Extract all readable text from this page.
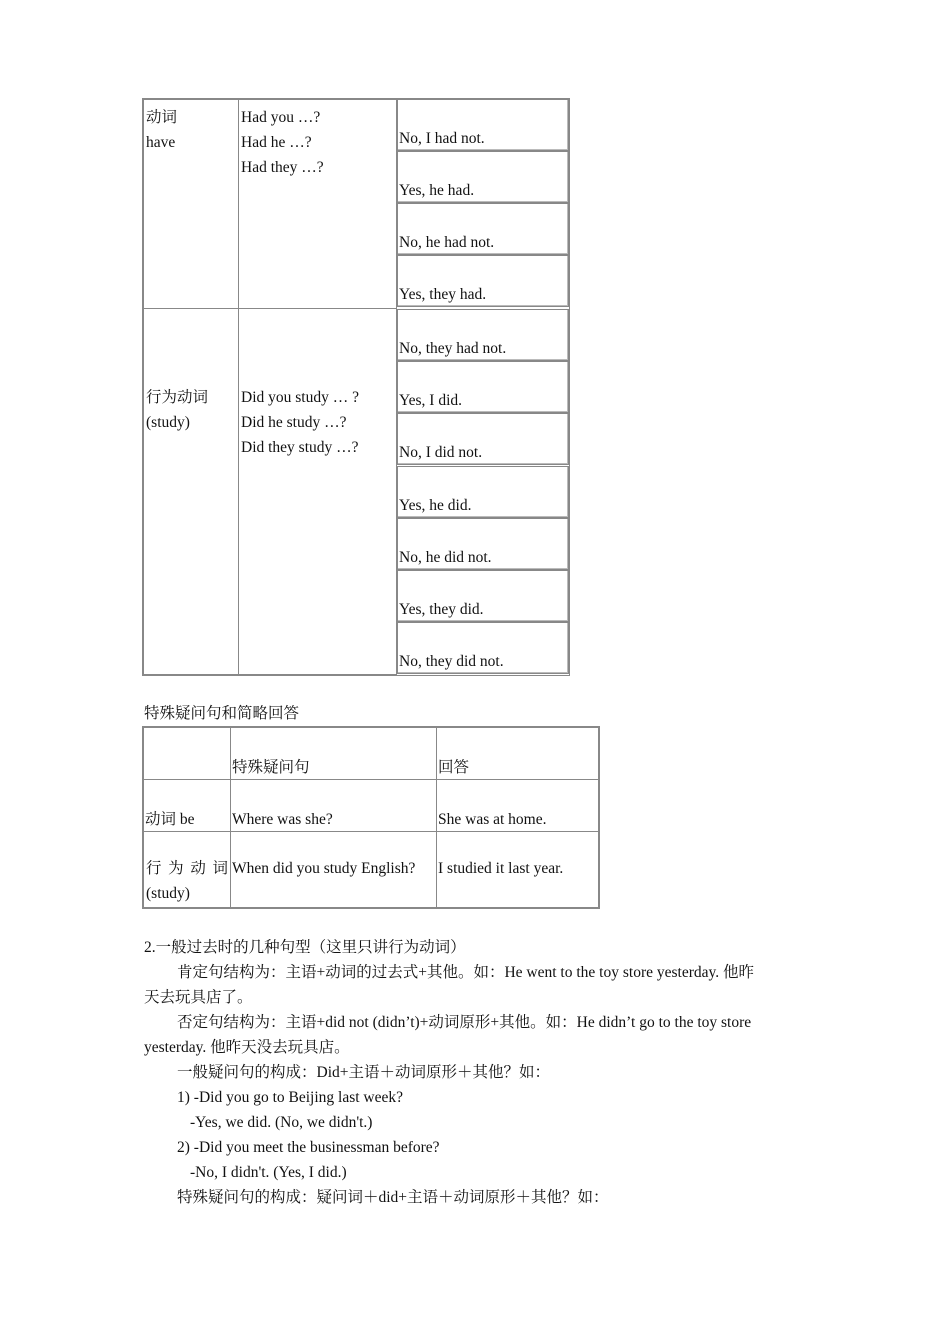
动词
have
Had you …?
Had he …?
Had they …?
行为动词
(study)
Did you study … ?
Did he study …?
Did they study …?
No, I had not.
Yes, he had.
No, he had not.
Yes, they had.
No, they had not.
Yes, I did.
No, I did not.
Yes, he did.
No, he did not.
Yes, they did.
No, they did not.
特殊疑问句和简略回答
特殊疑问句	回答
动词 be Where was she?	She was at home.
行 为 动 词 (study)
When did you study English? I studied it last year.
2.一般过去时的几种句型（这里只讲行为动词）
肯定句结构为：主语+动词的过去式+其他。如：He went to the toy store yesterday. 他昨
天去玩具店了。
否定句结构为：主语+did not (didn’t)+动词原形+其他。如：He didn’t go to the toy store
yesterday. 他昨天没去玩具店。
一般疑问句的构成：Did+主语＋动词原形＋其他？如：
1) -Did you go to Beijing last week?
-Yes, we did. (No, we didn't.)
2) -Did you meet the businessman before?
-No, I didn't. (Yes, I did.)
特殊疑问句的构成：疑问词＋did+主语＋动词原形＋其他？如：
